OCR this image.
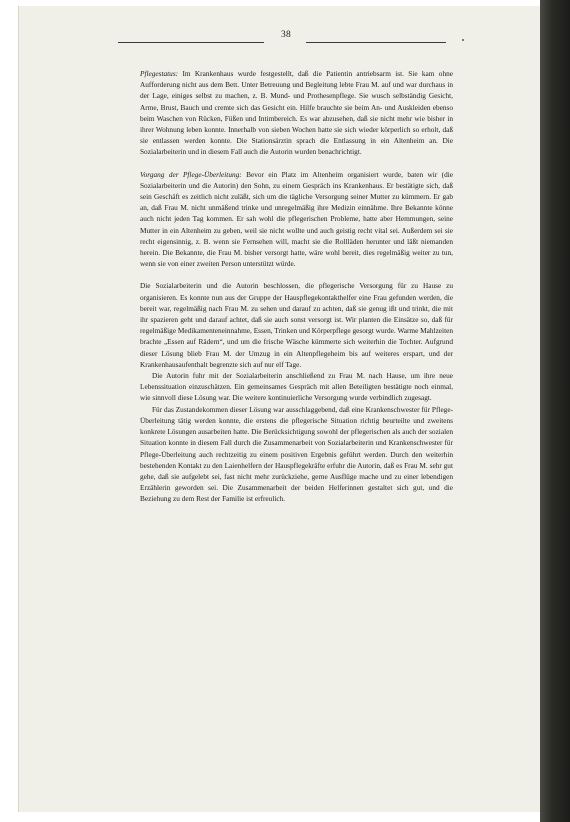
38

Pflegestatus: Im Krankenhaus wurde festgestellt, daß die Patientin antriebsarm ist. Sie kam ohne Aufforderung nicht aus dem Bett. Unter Betreuung und Begleitung lebte Frau M. auf und war durchaus in der Lage, einiges selbst zu machen, z. B. Mund- und Prothesenpflege. Sie wusch selbständig Gesicht, Arme, Brust, Bauch und cremte sich das Gesicht ein. Hilfe brauchte sie beim An- und Auskleiden ebenso beim Waschen von Rücken, Füßen und Intimbereich. Es war abzusehen, daß sie nicht mehr wie bisher in ihrer Wohnung leben konnte. Innerhalb von sieben Wochen hatte sie sich wieder körperlich so erholt, daß sie entlassen werden konnte. Die Stationsärztin sprach die Entlassung in ein Altenheim an. Die Sozialarbeiterin und in diesem Fall auch die Autorin wurden benachrichtigt.

Vorgang der Pflege-Überleitung: Bevor ein Platz im Altenheim organisiert wurde, baten wir (die Sozialarbeiterin und die Autorin) den Sohn, zu einem Gespräch ins Krankenhaus. Er bestätigte sich, daß sein Geschäft es zeitlich nicht zuläßt, sich um die tägliche Versorgung seiner Mutter zu kümmern. Er gab an, daß Frau M. nicht unmäßend trinke und unregelmäßig ihre Medizin einnähme. Ihre Bekannte könne auch nicht jeden Tag kommen. Er sah wohl die pflegerischen Probleme, hatte aber Hemmungen, seine Mutter in ein Altenheim zu geben, weil sie nicht wollte und auch geistig recht vital sei. Außerdem sei sie recht eigensinnig, z. B. wenn sie Fernsehen will, macht sie die Rollläden herunter und läßt niemanden herein. Die Bekannte, die Frau M. bisher versorgt hatte, wäre wohl bereit, dies regelmäßig weiter zu tun, wenn sie von einer zweiten Person unterstützt würde.

Die Sozialarbeiterin und die Autorin beschlossen, die pflegerische Versorgung für zu Hause zu organisieren. Es konnte nun aus der Gruppe der Hauspflegekontakthelfer eine Frau gefunden werden, die bereit war, regelmäßig nach Frau M. zu sehen und darauf zu achten, daß sie genug ißt und trinkt, die mit ihr spazieren geht und darauf achtet, daß sie auch sonst versorgt ist. Wir planten die Einsätze so, daß für regelmäßige Medikamenteneinnahme, Essen, Trinken und Körperpflege gesorgt wurde. Warme Mahlzeiten brachte „Essen auf Rädern“, und um die frische Wäsche kümmerte sich weiterhin die Tochter. Aufgrund dieser Lösung blieb Frau M. der Umzug in ein Altenpflegeheim bis auf weiteres erspart, und der Krankenhausaufenthalt begrenzte sich auf nur elf Tage.

Die Autorin fuhr mit der Sozialarbeiterin anschließend zu Frau M. nach Hause, um ihre neue Lebenssituation einzuschätzen. Ein gemeinsames Gespräch mit allen Beteiligten bestätigte noch einmal, wie sinnvoll diese Lösung war. Die weitere kontinuierliche Versorgung wurde verbindlich zugesagt.

Für das Zustandekommen dieser Lösung war ausschlaggebend, daß eine Krankenschwester für Pflege-Überleitung tätig werden konnte, die erstens die pflegerische Situation richtig beurteilte und zweitens konkrete Lösungen ausarbeiten hatte. Die Berücksichtigung sowohl der pflegerischen als auch der sozialen Situation konnte in diesem Fall durch die Zusammenarbeit von Sozialarbeiterin und Krankenschwester für Pflege-Überleitung auch rechtzeitig zu einem positiven Ergebnis geführt werden. Durch den weiterhin bestehenden Kontakt zu den Laienhelfern der Hauspflegekräfte erfuhr die Autorin, daß es Frau M. sehr gut gehe, daß sie aufgelebt sei, fast nicht mehr zurückziehe, gerne Ausflüge mache und zu einer lebendigen Erzählerin geworden sei. Die Zusammenarbeit der beiden Helferinnen gestaltet sich gut, und die Beziehung zu dem Rest der Familie ist erfreulich.
